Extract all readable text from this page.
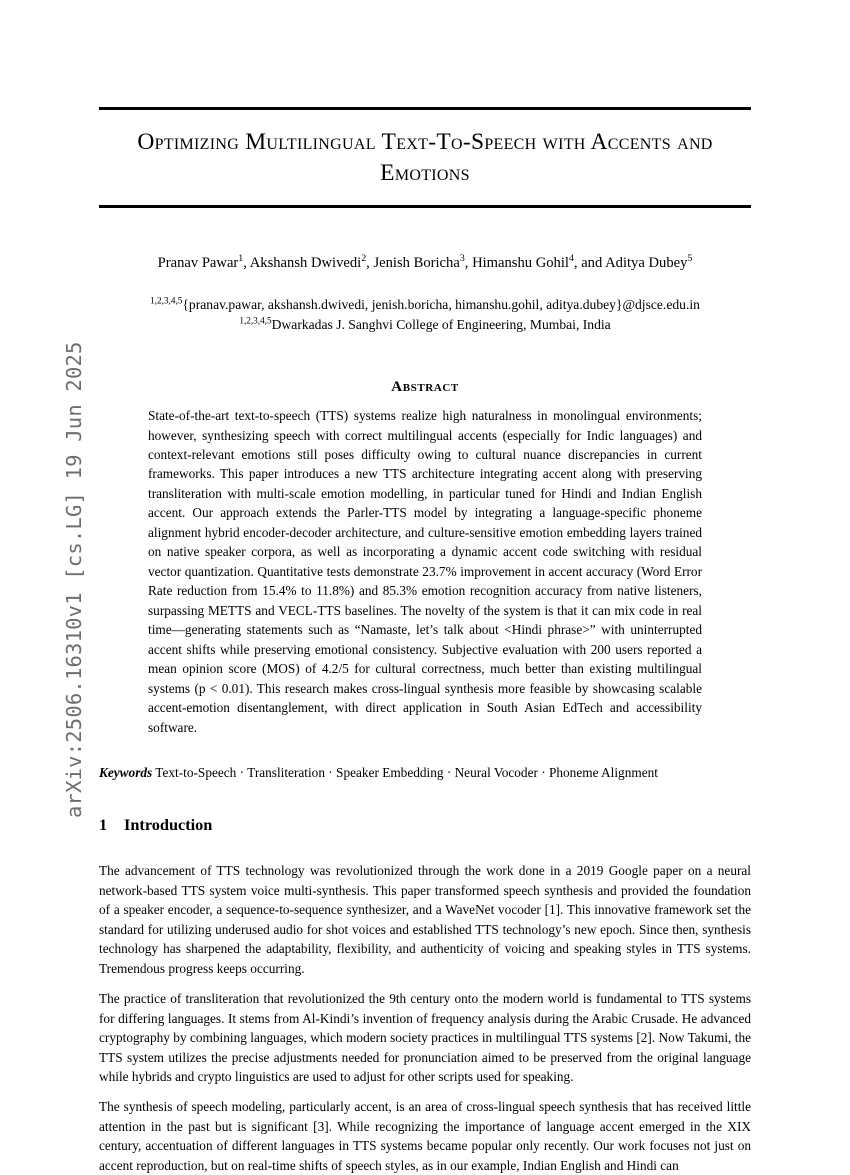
arXiv:2506.16310v1 [cs.LG] 19 Jun 2025
Optimizing Multilingual Text-To-Speech with Accents and Emotions
Pranav Pawar$^1$, Akshansh Dwivedi$^2$, Jenish Boricha$^3$, Himanshu Gohil$^4$, and Aditya Dubey$^5$
$^{1,2,3,4,5}${pranav.pawar, akshansh.dwivedi, jenish.boricha, himanshu.gohil, aditya.dubey}@djsce.edu.in
$^{1,2,3,4,5}$Dwarkadas J. Sanghvi College of Engineering, Mumbai, India
Abstract

State-of-the-art text-to-speech (TTS) systems realize high naturalness in monolingual environments; however, synthesizing speech with correct multilingual accents (especially for Indic languages) and context-relevant emotions still poses difficulty owing to cultural nuance discrepancies in current frameworks. This paper introduces a new TTS architecture integrating accent along with preserving transliteration with multi-scale emotion modelling, in particular tuned for Hindi and Indian English accent. Our approach extends the Parler-TTS model by integrating a language-specific phoneme alignment hybrid encoder-decoder architecture, and culture-sensitive emotion embedding layers trained on native speaker corpora, as well as incorporating a dynamic accent code switching with residual vector quantization. Quantitative tests demonstrate 23.7% improvement in accent accuracy (Word Error Rate reduction from 15.4% to 11.8%) and 85.3% emotion recognition accuracy from native listeners, surpassing METTS and VECL-TTS baselines. The novelty of the system is that it can mix code in real time—generating statements such as “Namaste, let’s talk about <Hindi phrase>” with uninterrupted accent shifts while preserving emotional consistency. Subjective evaluation with 200 users reported a mean opinion score (MOS) of 4.2/5 for cultural correctness, much better than existing multilingual systems (p < 0.01). This research makes cross-lingual synthesis more feasible by showcasing scalable accent-emotion disentanglement, with direct application in South Asian EdTech and accessibility software.

Keywords Text-to-Speech · Transliteration · Speaker Embedding · Neural Vocoder · Phoneme Alignment

1 Introduction

The advancement of TTS technology was revolutionized through the work done in a 2019 Google paper on a neural network-based TTS system voice multi-synthesis. This paper transformed speech synthesis and provided the foundation of a speaker encoder, a sequence-to-sequence synthesizer, and a WaveNet vocoder [1]. This innovative framework set the standard for utilizing underused audio for shot voices and established TTS technology’s new epoch. Since then, synthesis technology has sharpened the adaptability, flexibility, and authenticity of voicing and speaking styles in TTS systems. Tremendous progress keeps occurring.

The practice of transliteration that revolutionized the 9th century onto the modern world is fundamental to TTS systems for differing languages. It stems from Al-Kindi’s invention of frequency analysis during the Arabic Crusade. He advanced cryptography by combining languages, which modern society practices in multilingual TTS systems [2]. Now Takumi, the TTS system utilizes the precise adjustments needed for pronunciation aimed to be preserved from the original language while hybrids and crypto linguistics are used to adjust for other scripts used for speaking.

The synthesis of speech modeling, particularly accent, is an area of cross-lingual speech synthesis that has received little attention in the past but is significant [3]. While recognizing the importance of language accent emerged in the XIX century, accentuation of different languages in TTS systems became popular only recently. Our work focuses not just on accent reproduction, but on real-time shifts of speech styles, as in our example, Indian English and Hindi can
